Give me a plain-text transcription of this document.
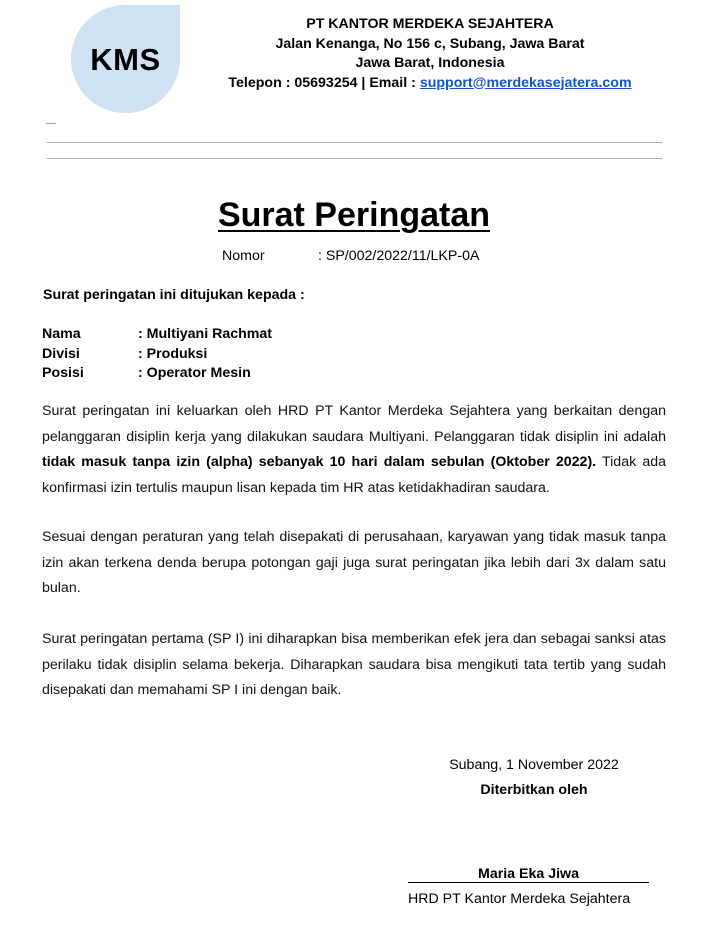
KMS
PT KANTOR MERDEKA SEJAHTERA
Jalan Kenanga, No 156 c, Subang, Jawa Barat
Jawa Barat, Indonesia
Telepon : 05693254 | Email : support@merdekasejatera.com
—
Surat Peringatan
Nomor	: SP/002/2022/11/LKP-0A
Surat peringatan ini ditujukan kepada :
Nama	: Multiyani Rachmat
Divisi	: Produksi
Posisi	: Operator Mesin
Surat peringatan ini keluarkan oleh HRD PT Kantor Merdeka Sejahtera yang berkaitan dengan pelanggaran disiplin kerja yang dilakukan saudara Multiyani. Pelanggaran tidak disiplin ini adalah tidak masuk tanpa izin (alpha) sebanyak 10 hari dalam sebulan (Oktober 2022). Tidak ada konfirmasi izin tertulis maupun lisan kepada tim HR atas ketidakhadiran saudara.
Sesuai dengan peraturan yang telah disepakati di perusahaan, karyawan yang tidak masuk tanpa izin akan terkena denda berupa potongan gaji juga surat peringatan jika lebih dari 3x dalam satu bulan.
Surat peringatan pertama (SP I) ini diharapkan bisa memberikan efek jera dan sebagai sanksi atas perilaku tidak disiplin selama bekerja. Diharapkan saudara bisa mengikuti tata tertib yang sudah disepakati dan memahami SP I ini dengan baik.
Subang, 1 November 2022
Diterbitkan oleh
Maria Eka Jiwa
HRD PT Kantor Merdeka Sejahtera
